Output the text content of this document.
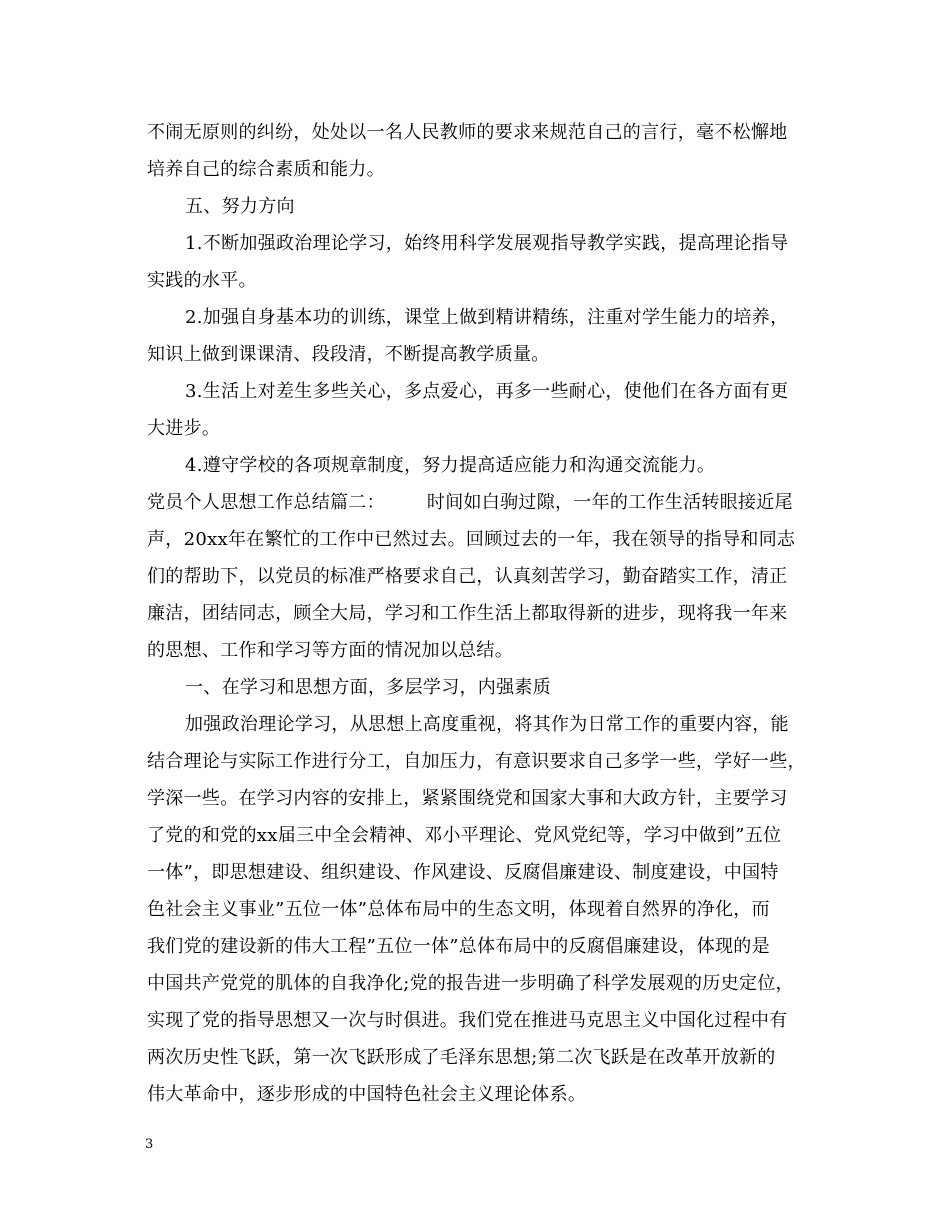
不闹无原则的纠纷，处处以一名人民教师的要求来规范自己的言行，毫不松懈地
培养自己的综合素质和能力。
五、努力方向
1.不断加强政治理论学习，始终用科学发展观指导教学实践，提高理论指导
实践的水平。
2.加强自身基本功的训练，课堂上做到精讲精练，注重对学生能力的培养，
知识上做到课课清、段段清，不断提高教学质量。
3.生活上对差生多些关心，多点爱心，再多一些耐心，使他们在各方面有更
大进步。
4.遵守学校的各项规章制度，努力提高适应能力和沟通交流能力。
党员个人思想工作总结篇二： 时间如白驹过隙，一年的工作生活转眼接近尾
声，20xx年在繁忙的工作中已然过去。回顾过去的一年，我在领导的指导和同志
们的帮助下，以党员的标准严格要求自己，认真刻苦学习，勤奋踏实工作，清正
廉洁，团结同志，顾全大局，学习和工作生活上都取得新的进步，现将我一年来
的思想、工作和学习等方面的情况加以总结。
一、在学习和思想方面，多层学习，内强素质
加强政治理论学习，从思想上高度重视，将其作为日常工作的重要内容，能
结合理论与实际工作进行分工，自加压力，有意识要求自己多学一些，学好一些，
学深一些。在学习内容的安排上，紧紧围绕党和国家大事和大政方针，主要学习
了党的和党的xx届三中全会精神、邓小平理论、党风党纪等，学习中做到”五位
一体”，即思想建设、组织建设、作风建设、反腐倡廉建设、制度建设，中国特
色社会主义事业”五位一体”总体布局中的生态文明，体现着自然界的净化，而
我们党的建设新的伟大工程”五位一体”总体布局中的反腐倡廉建设，体现的是
中国共产党党的肌体的自我净化;党的报告进一步明确了科学发展观的历史定位，
实现了党的指导思想又一次与时俱进。我们党在推进马克思主义中国化过程中有
两次历史性飞跃，第一次飞跃形成了毛泽东思想;第二次飞跃是在改革开放新的
伟大革命中，逐步形成的中国特色社会主义理论体系。
3
